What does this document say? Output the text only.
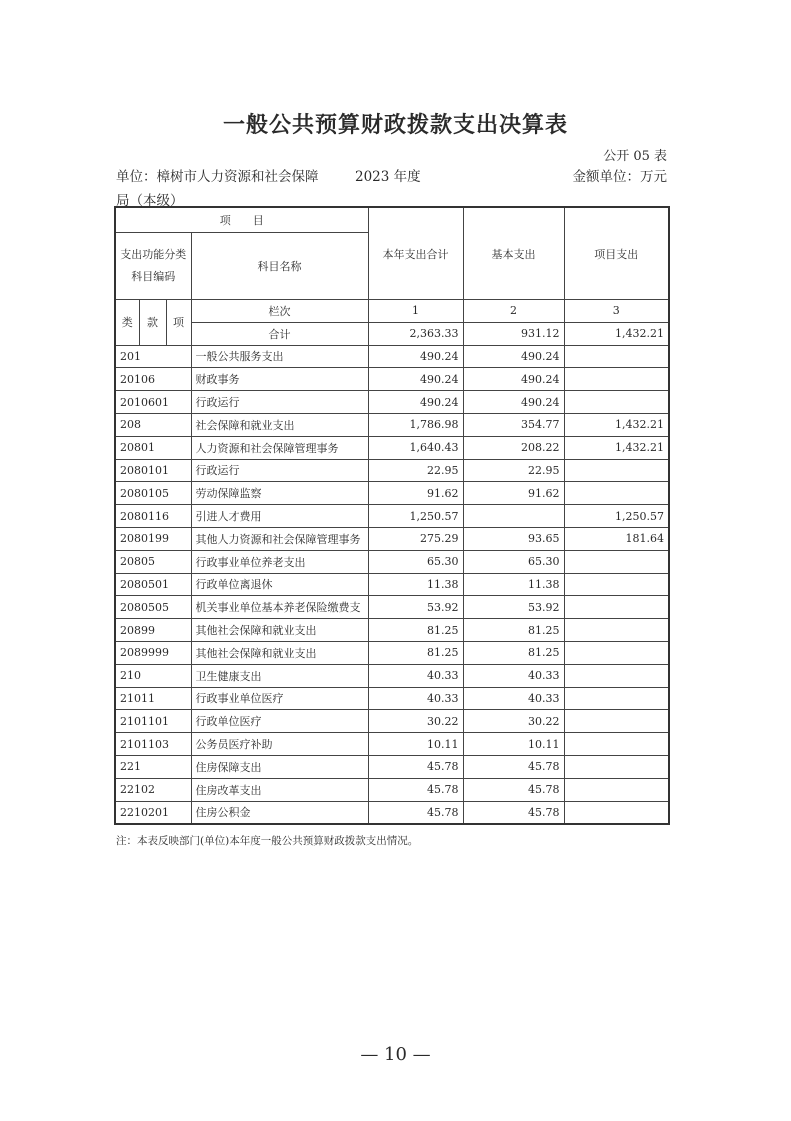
一般公共预算财政拨款支出决算表
公开 05 表
单位：樟树市人力资源和社会保障
局（本级）
2023 年度	金额单位：万元
项　　目				本年支出合计	基本支出	项目支出
支出功能分类科目编码			科目名称			
类	款	项	栏次	1	2	3
			合计	2,363.33	931.12	1,432.21
201			一般公共服务支出	490.24	490.24	
20106			财政事务	490.24	490.24	
2010601			行政运行	490.24	490.24	
208			社会保障和就业支出	1,786.98	354.77	1,432.21
20801			人力资源和社会保障管理事务	1,640.43	208.22	1,432.21
2080101			行政运行	22.95	22.95	
2080105			劳动保障监察	91.62	91.62	
2080116			引进人才费用	1,250.57		1,250.57
2080199			其他人力资源和社会保障管理事务	275.29	93.65	181.64
20805			行政事业单位养老支出	65.30	65.30	
2080501			行政单位离退休	11.38	11.38	
2080505			机关事业单位基本养老保险缴费支	53.92	53.92	
20899			其他社会保障和就业支出	81.25	81.25	
2089999			其他社会保障和就业支出	81.25	81.25	
210			卫生健康支出	40.33	40.33	
21011			行政事业单位医疗	40.33	40.33	
2101101			行政单位医疗	30.22	30.22	
2101103			公务员医疗补助	10.11	10.11	
221			住房保障支出	45.78	45.78	
22102			住房改革支出	45.78	45.78	
2210201			住房公积金	45.78	45.78	
注：本表反映部门(单位)本年度一般公共预算财政拨款支出情况。
— 10 —
